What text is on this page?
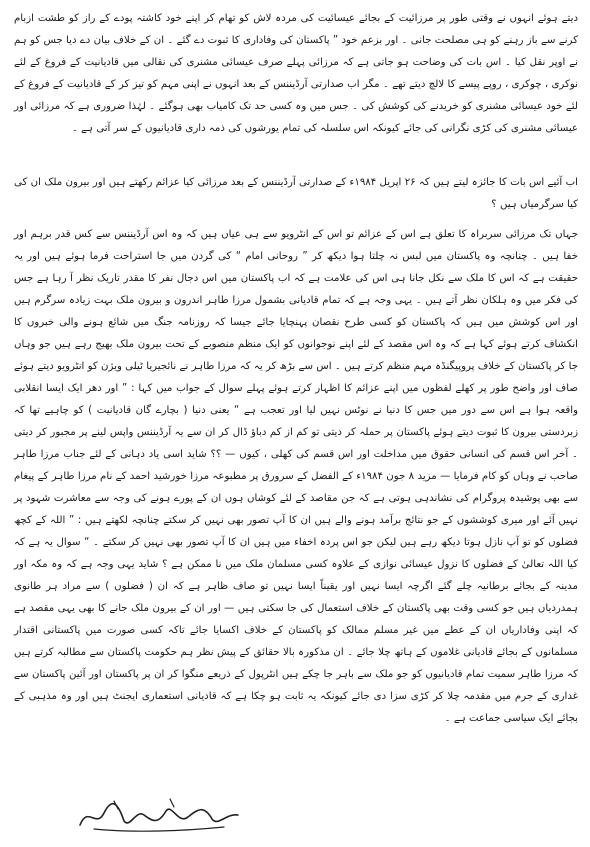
دیتے ہوئے انہوں نے وقتی طور پر مرزائیت کے بجائے عیسائیت کی مردہ لاش کو تھام کر اپنے خود کاشتہ پودے کے راز کو طشت ازبام کرنے سے باز رہنے کو ہی مصلحت جانی ۔ اور بزعم خود ” پاکستان کی وفاداری کا ثبوت دے گئے ۔ ان کے خلاف بیان دے دیا جس کو ہم نے اوپر نقل کیا ۔ اس بات کی وضاحت ہو جاتی ہے کہ مرزائی پہلے صرف عیسائی مشنری کی نقالی میں قادیانیت کے فروغ کے لئے نوکری ، چوکری ، روپے پیسے کا لالچ دیتے تھے ۔ مگر اب صدارتی آرڈیننس کے بعد انہوں نے اپنی مہم کو تیز کر کے قادیانیت کے فروغ کے لئے خود عیسائی مشنری کو خریدنے کی کوشش کی ۔ جس میں وہ کسی حد تک کامیاب بھی ہوگئے ۔ لہٰذا ضروری ہے کہ مرزائی اور عیسائی مشنری کی کڑی نگرانی کی جائے کیونکہ اس سلسلہ کی تمام یورشوں کی ذمہ داری قادیانیوں کے سر آتی ہے ۔

اب آئیے اس بات کا جائزہ لیتے ہیں کہ ۲۶ اپریل ۱۹۸۴ء کے صدارتی آرڈیننس کے بعد مرزائی کیا عزائم رکھتے ہیں اور بیرون ملک ان کی کیا سرگرمیاں ہیں ؟

جہاں تک مرزائی سربراہ کا تعلق ہے اس کے عزائم تو اس کے انٹرویو سے ہی عیاں ہیں کہ وہ اس آرڈیننس سے کس قدر برہم اور خفا ہیں ۔ چنانچہ وہ پاکستان میں لبس نہ چلتا ہوا دیکھ کر ” روحانی امام “ کی گردن میں جا استراحت فرما ہوئے ہیں اور یہ حقیقت ہے کہ اس کا ملک سے نکل جانا ہی اس کی علامت ہے کہ اب پاکستان میں اس دجال نفر کا مقدر تاریک نظر آ رہا ہے جس کی فکر میں وہ ہلکان نظر آتے ہیں ۔ یہی وجہ ہے کہ تمام قادیانی بشمول مرزا طاہر اندرون و بیرون ملک بہت زیادہ سرگرم ہیں اور اس کوشش میں ہیں کہ پاکستان کو کسی طرح نقصان پہنچایا جائے جیسا کہ روزنامہ جنگ میں شائع ہونے والی خبروں کا انکشاف کرتے ہوئے کہا ہے کہ وہ اس مقصد کے لئے اپنے نوجوانوں کو ایک منظم منصوبے کے تحت بیرون ملک بھیج رہے ہیں جو وہاں جا کر پاکستان کے خلاف پروپیگنڈہ مہم منظم کرتے ہیں ۔ اس سے بڑھ کر یہ کہ مرزا طاہر نے نائجیریا ٹیلی ویژن کو انٹرویو دیتے ہوئے صاف اور واضح طور پر کھلے لفظوں میں اپنے عزائم کا اظہار کرتے ہوئے پہلے سوال کے جواب میں کہا : ” اور دھر ایک ایسا انقلابی واقعہ ہوا ہے اس سے دور میں جس کا دنیا نے نوٹس نہیں لیا اور تعجب ہے “ یعنی دنیا ( بچارے گان قادیانیت ) کو چاہیے تھا کہ زبردستی بیرون کا ثبوت دیتے ہوئے پاکستان پر حملہ کر دیتی تو کم از کم دباؤ ڈال کر ان سے یہ آرڈیننس واپس لینے پر مجبور کر دیتی ۔ آخر اس قسم کی انسانی حقوق میں مداخلت اور اس قسم کی کھلی ، کیوں — ؟؟ شاید اسی یاد دہانی کے لئے جناب مرزا طاہر صاحب نے وہاں کو کام فرمایا — مزید ۸ جون ۱۹۸۴ء کے الفضل کے سرورق پر مطبوعہ مرزا خورشید احمد کے نام مرزا طاہر کے پیغام سے بھی پوشیدہ پروگرام کی نشاندہی ہوتی ہے کہ جن مقاصد کے لئے کوشاں ہوں ان کے پورے ہونے کی وجہ سے معاشرت شہود پر نہیں آئے اور میری کوششوں کے جو نتائج برآمد ہونے والے ہیں ان کا آپ تصور بھی نہیں کر سکتے چنانچہ لکھتے ہیں : ” اللہ کے کچھ فضلوں کو تو آپ نازل ہوتا دیکھ رہے ہیں لیکن جو اس پردہ اخفاء میں ہیں ان کا آپ تصور بھی نہیں کر سکتے ۔ “ سوال یہ ہے کہ کیا اللہ تعالیٰ کے فضلوں کا نزول عیسائی نوازی کے علاوہ کسی مسلمان ملک میں نا ممکن ہے ؟ شاید یہی وجہ ہے کہ وہ مکہ اور مدینہ کے بجائے برطانیہ چلے گئے اگرچہ ایسا نہیں اور یقیناً ایسا نہیں تو صاف ظاہر ہے کہ ان ( فضلوں ) سے مراد ہر طانوی ہمدردیاں ہیں جو کسی وقت بھی پاکستان کے خلاف استعمال کی جا سکتی ہیں — اور ان کے بیرون ملک جانے کا بھی یہی مقصد ہے کہ اپنی وفاداریاں ان کے عطے میں غیر مسلم ممالک کو پاکستان کے خلاف اکسایا جائے تاکہ کسی صورت میں پاکستانی اقتدار مسلمانوں کے بجائے قادیانی غلاموں کے ہاتھ چلا جائے ۔ ان مذکورہ بالا حقائق کے پیش نظر ہم حکومت پاکستان سے مطالبہ کرتے ہیں کہ مرزا طاہر سمیت تمام قادیانیوں کو جو ملک سے باہر جا چکے ہیں انٹرپول کے ذریعے منگوا کر ان پر پاکستان اور آئین پاکستان سے غداری کے جرم میں مقدمہ چلا کر کڑی سزا دی جائے کیونکہ یہ ثابت ہو چکا ہے کہ قادیانی استعماری ایجنٹ ہیں اور وہ مذہبی کے بجائے ایک سیاسی جماعت ہے ۔
